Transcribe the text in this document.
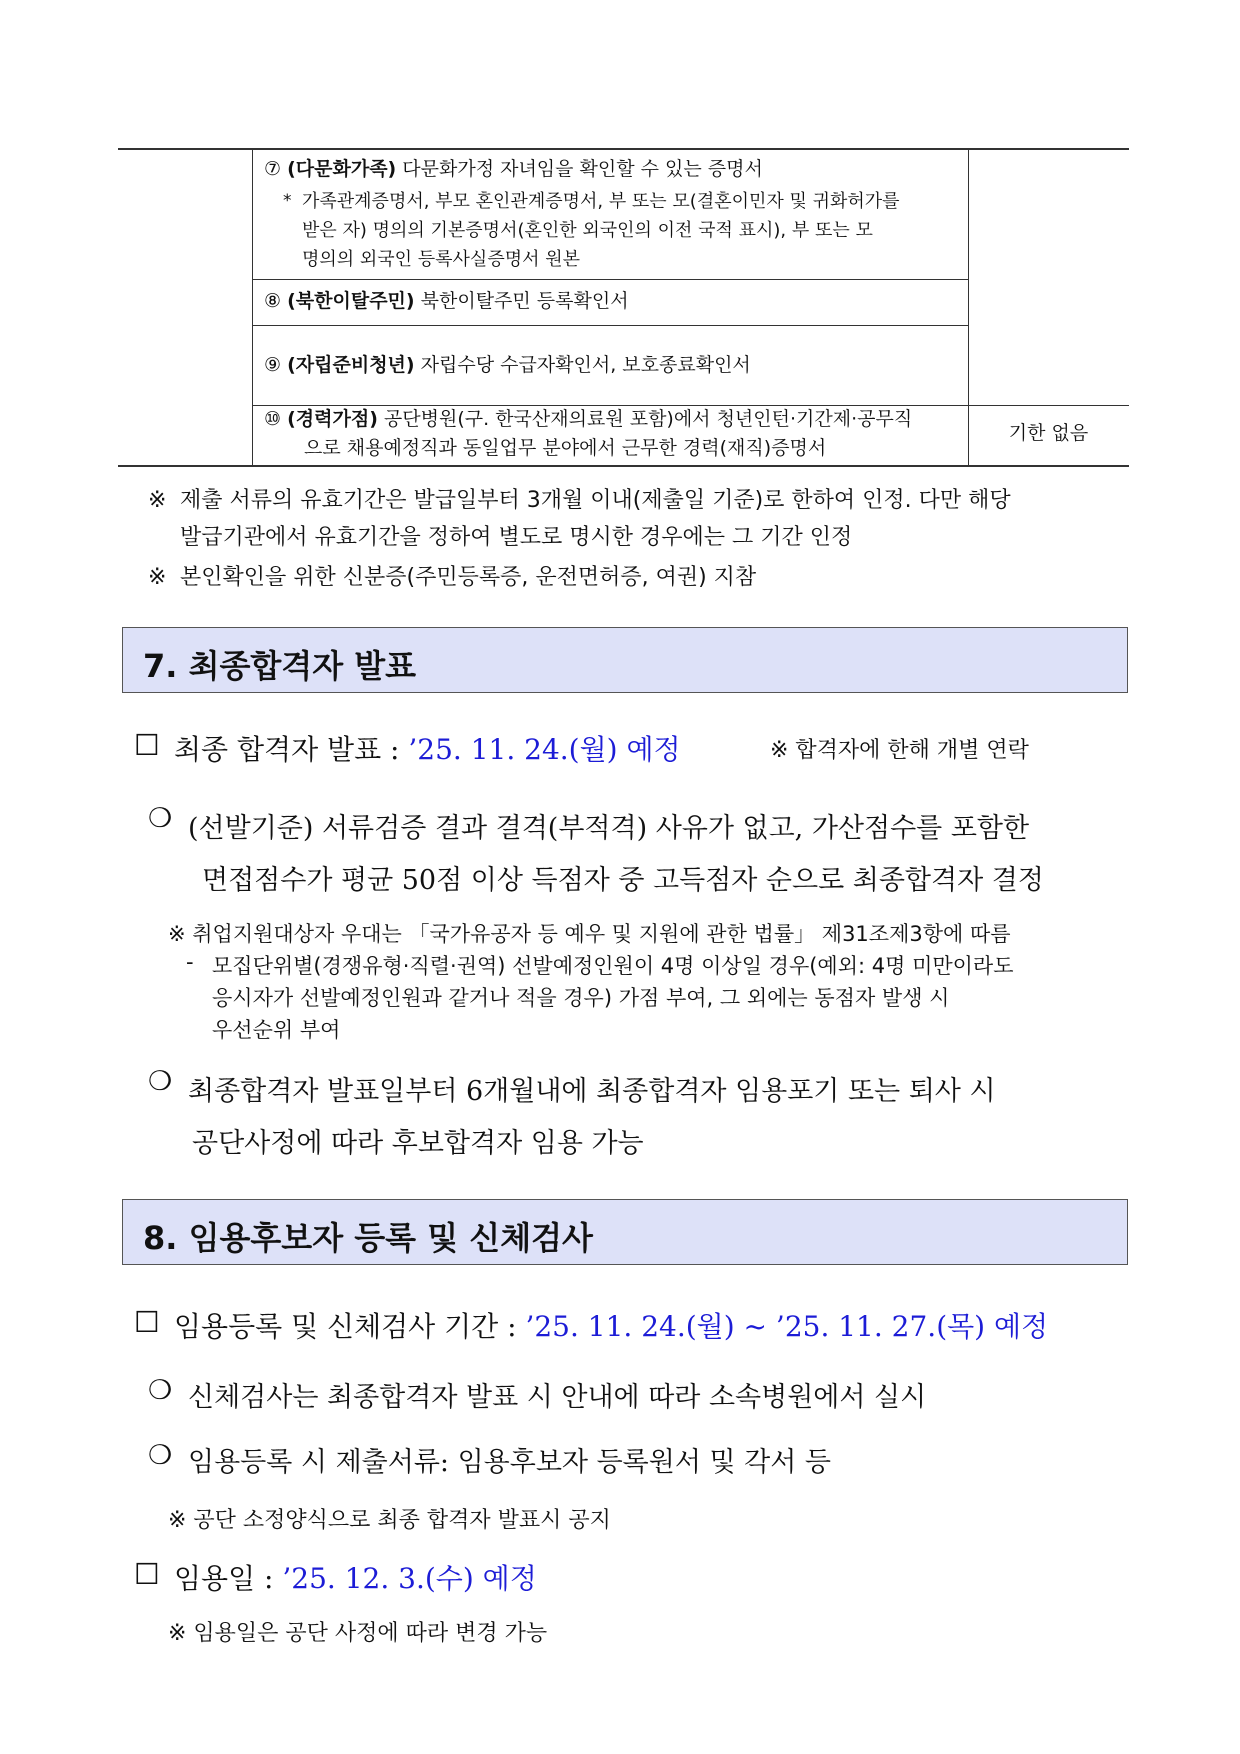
⑦ (다문화가족) 다문화가정 자녀임을 확인할 수 있는 증명서
* 가족관계증명서, 부모 혼인관계증명서, 부 또는 모(결혼이민자 및 귀화허가를
받은 자) 명의의 기본증명서(혼인한 외국인의 이전 국적 표시), 부 또는 모
명의의 외국인 등록사실증명서 원본
⑧ (북한이탈주민) 북한이탈주민 등록확인서
⑨ (자립준비청년) 자립수당 수급자확인서, 보호종료확인서
⑩ (경력가점) 공단병원(구. 한국산재의료원 포함)에서 청년인턴·기간제·공무직
으로 채용예정직과 동일업무 분야에서 근무한 경력(재직)증명서
기한 없음
※ 제출 서류의 유효기간은 발급일부터 3개월 이내(제출일 기준)로 한하여 인정. 다만 해당
발급기관에서 유효기간을 정하여 별도로 명시한 경우에는 그 기간 인정
※ 본인확인을 위한 신분증(주민등록증, 운전면허증, 여권) 지참
7. 최종합격자 발표
☐ 최종 합격자 발표 : ’25. 11. 24.(월) 예정	※ 합격자에 한해 개별 연락
❍ (선발기준) 서류검증 결과 결격(부적격) 사유가 없고, 가산점수를 포함한
면접점수가 평균 50점 이상 득점자 중 고득점자 순으로 최종합격자 결정
※ 취업지원대상자 우대는 「국가유공자 등 예우 및 지원에 관한 법률」 제31조제3항에 따름
- 모집단위별(경쟁유형·직렬·권역) 선발예정인원이 4명 이상일 경우(예외: 4명 미만이라도
응시자가 선발예정인원과 같거나 적을 경우) 가점 부여, 그 외에는 동점자 발생 시
우선순위 부여
❍ 최종합격자 발표일부터 6개월내에 최종합격자 임용포기 또는 퇴사 시
공단사정에 따라 후보합격자 임용 가능
8. 임용후보자 등록 및 신체검사
☐ 임용등록 및 신체검사 기간 : ’25. 11. 24.(월) ~ ’25. 11. 27.(목) 예정
❍ 신체검사는 최종합격자 발표 시 안내에 따라 소속병원에서 실시
❍ 임용등록 시 제출서류: 임용후보자 등록원서 및 각서 등
※ 공단 소정양식으로 최종 합격자 발표시 공지
☐ 임용일 : ’25. 12. 3.(수) 예정
※ 임용일은 공단 사정에 따라 변경 가능
